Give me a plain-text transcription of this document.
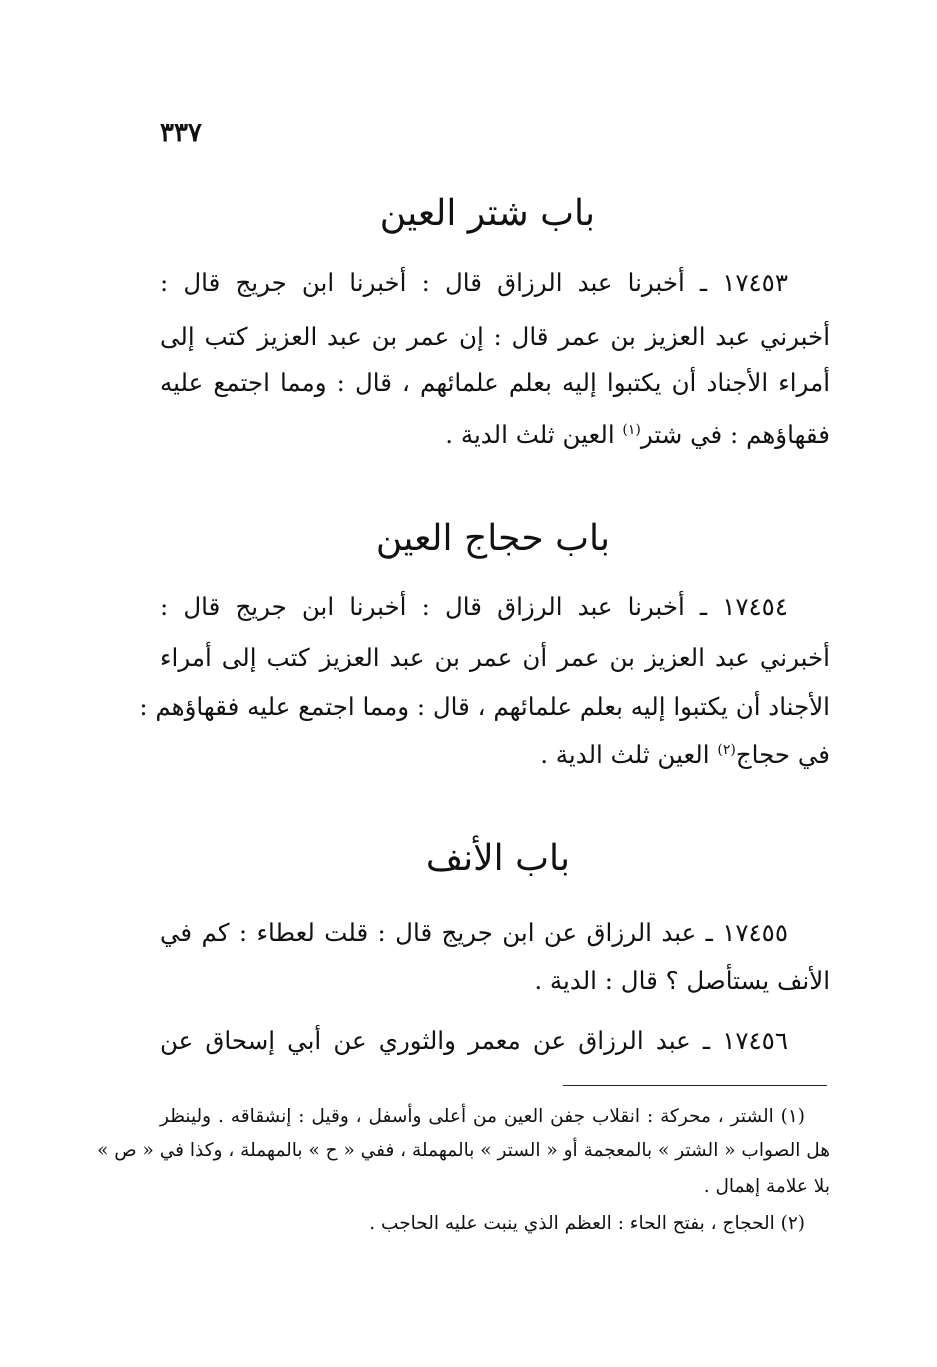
٣٣٧
باب شتر العين
١٧٤٥٣ ـ أخبرنا عبد الرزاق قال : أخبرنا ابن جريج قال :
أخبرني عبد العزيز بن عمر قال : إن عمر بن عبد العزيز كتب إلى
أمراء الأجناد أن يكتبوا إليه بعلم علمائهم ، قال : ومما اجتمع عليه
فقهاؤهم : في شتر$^{(١)}$ العين ثلث الدية .
باب حجاج العين
١٧٤٥٤ ـ أخبرنا عبد الرزاق قال : أخبرنا ابن جريج قال :
أخبرني عبد العزيز بن عمر أن عمر بن عبد العزيز كتب إلى أمراء
الأجناد أن يكتبوا إليه بعلم علمائهم ، قال : ومما اجتمع عليه فقهاؤهم :
في حجاج$^{(٢)}$ العين ثلث الدية .
باب الأنف
١٧٤٥٥ ـ عبد الرزاق عن ابن جريج قال : قلت لعطاء : كم في
الأنف يستأصل ؟ قال : الدية .
١٧٤٥٦ ـ عبد الرزاق عن معمر والثوري عن أبي إسحاق عن
(١) الشتر ، محركة : انقلاب جفن العين من أعلى وأسفل ، وقيل : إنشقاقه . ولينظر
هل الصواب « الشتر » بالمعجمة أو « الستر » بالمهملة ، ففي « ح » بالمهملة ، وكذا في « ص »
بلا علامة إهمال .
(٢) الحجاج ، بفتح الحاء : العظم الذي ينبت عليه الحاجب .
